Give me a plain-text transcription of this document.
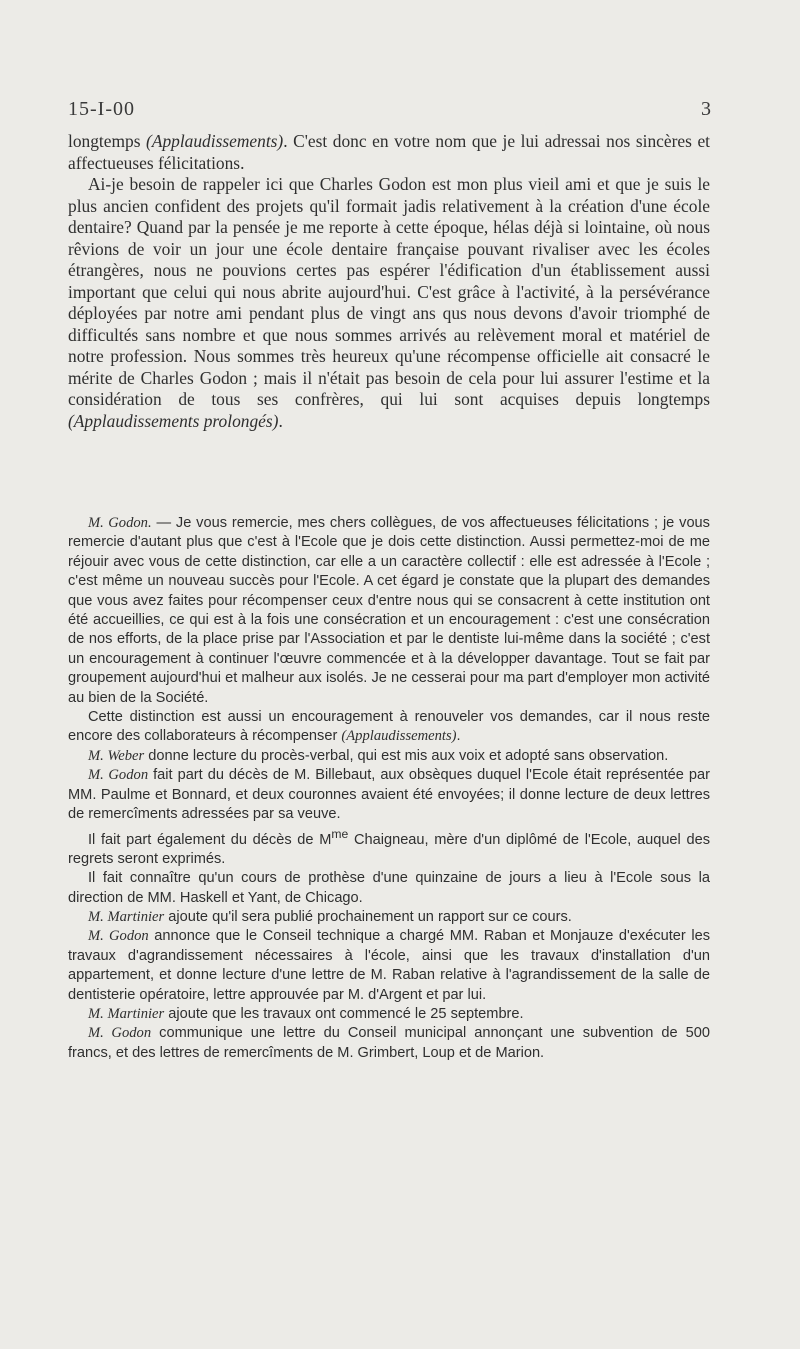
15-I-00	3

longtemps (Applaudissements). C'est donc en votre nom que je lui adressai nos sincères et affectueuses félicitations.

Ai-je besoin de rappeler ici que Charles Godon est mon plus vieil ami et que je suis le plus ancien confident des projets qu'il formait jadis relativement à la création d'une école dentaire? Quand par la pensée je me reporte à cette époque, hélas déjà si lointaine, où nous rêvions de voir un jour une école dentaire française pouvant rivaliser avec les écoles étrangères, nous ne pouvions certes pas espérer l'édification d'un établissement aussi important que celui qui nous abrite aujourd'hui. C'est grâce à l'activité, à la persévérance déployées par notre ami pendant plus de vingt ans qus nous devons d'avoir triomphé de difficultés sans nombre et que nous sommes arrivés au relèvement moral et matériel de notre profession. Nous sommes très heureux qu'une récompense officielle ait consacré le mérite de Charles Godon ; mais il n'était pas besoin de cela pour lui assurer l'estime et la considération de tous ses confrères, qui lui sont acquises depuis longtemps (Applaudissements prolongés).

M. Godon. — Je vous remercie, mes chers collègues, de vos affectueuses félicitations ; je vous remercie d'autant plus que c'est à l'Ecole que je dois cette distinction. Aussi permettez-moi de me réjouir avec vous de cette distinction, car elle a un caractère collectif : elle est adressée à l'Ecole ; c'est même un nouveau succès pour l'Ecole. A cet égard je constate que la plupart des demandes que vous avez faites pour récompenser ceux d'entre nous qui se consacrent à cette institution ont été accueillies, ce qui est à la fois une consécration et un encouragement : c'est une consécration de nos efforts, de la place prise par l'Association et par le dentiste lui-même dans la société ; c'est un encouragement à continuer l'œuvre commencée et à la développer davantage. Tout se fait par groupement aujourd'hui et malheur aux isolés. Je ne cesserai pour ma part d'employer mon activité au bien de la Société.

Cette distinction est aussi un encouragement à renouveler vos demandes, car il nous reste encore des collaborateurs à récompenser (Applaudissements).

M. Weber donne lecture du procès-verbal, qui est mis aux voix et adopté sans observation.

M. Godon fait part du décès de M. Billebaut, aux obsèques duquel l'Ecole était représentée par MM. Paulme et Bonnard, et deux couronnes avaient été envoyées; il donne lecture de deux lettres de remercîments adressées par sa veuve.

Il fait part également du décès de $M^{me}$ Chaigneau, mère d'un diplômé de l'Ecole, auquel des regrets seront exprimés.

Il fait connaître qu'un cours de prothèse d'une quinzaine de jours a lieu à l'Ecole sous la direction de MM. Haskell et Yant, de Chicago.

M. Martinier ajoute qu'il sera publié prochainement un rapport sur ce cours.

M. Godon annonce que le Conseil technique a chargé MM. Raban et Monjauze d'exécuter les travaux d'agrandissement nécessaires à l'école, ainsi que les travaux d'installation d'un appartement, et donne lecture d'une lettre de M. Raban relative à l'agrandissement de la salle de dentisterie opératoire, lettre approuvée par M. d'Argent et par lui.

M. Martinier ajoute que les travaux ont commencé le 25 septembre.

M. Godon communique une lettre du Conseil municipal annonçant une subvention de 500 francs, et des lettres de remercîments de M. Grimbert, Loup et de Marion.
